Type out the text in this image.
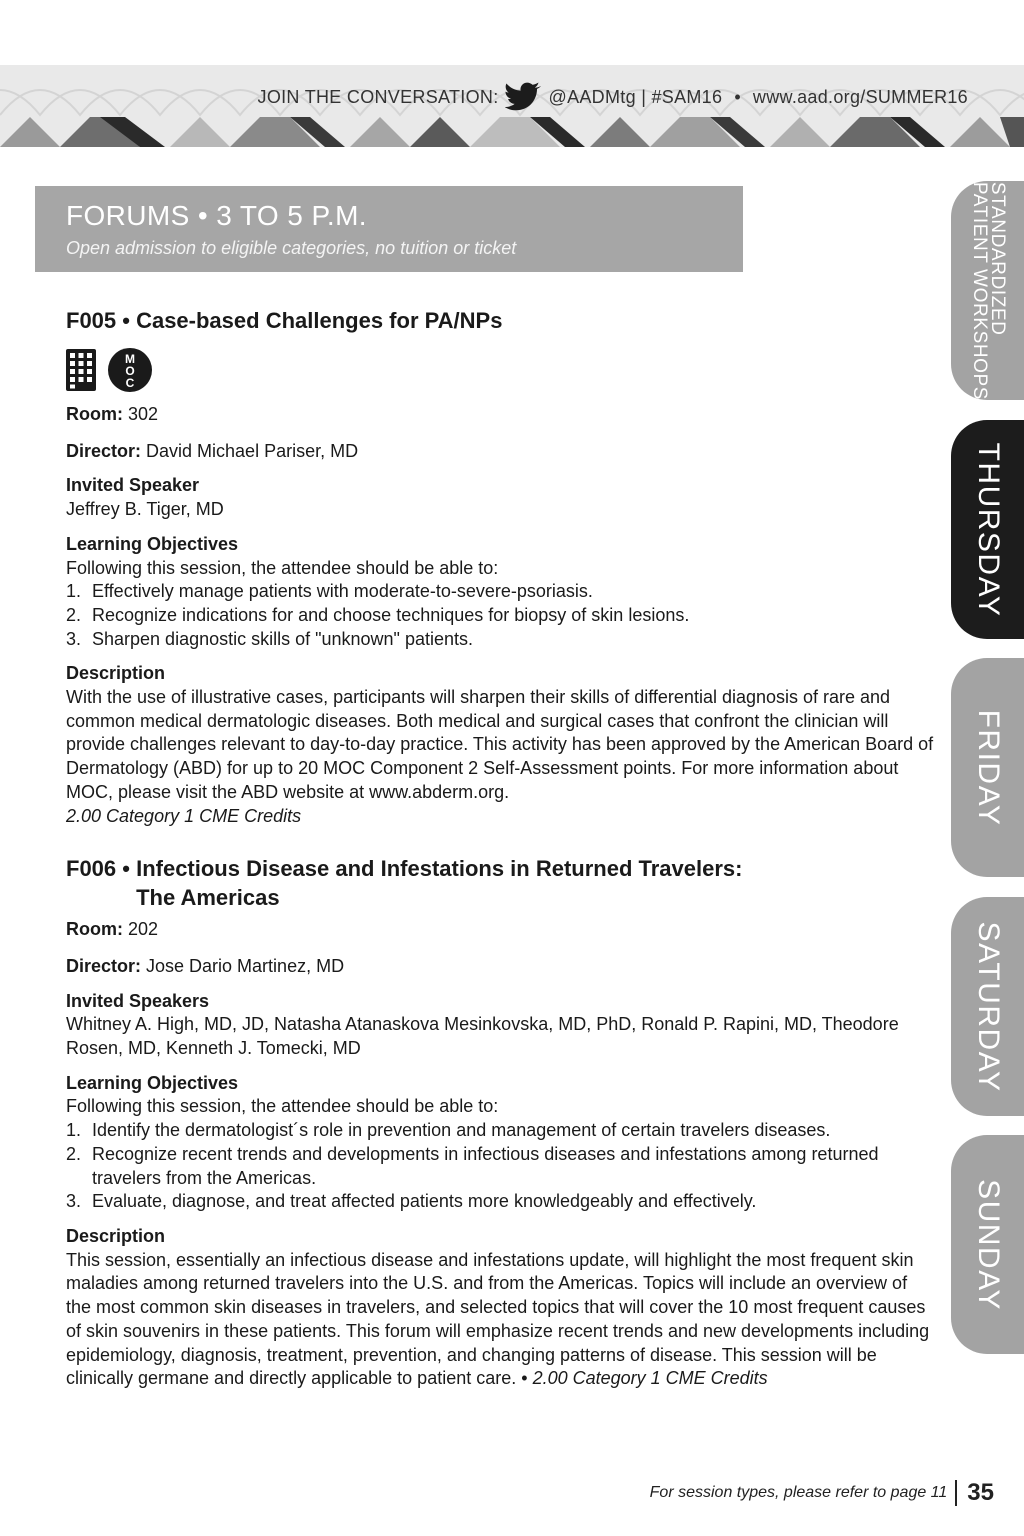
JOIN THE CONVERSATION:	@AADMtg | #SAM16 • www.aad.org/SUMMER16
FORUMS • 3 TO 5 P.M.
Open admission to eligible categories, no tuition or ticket
F005 • Case-based Challenges for PA/NPs
M
O
C
Room: 302
Director: David Michael Pariser, MD
Invited Speaker
Jeffrey B. Tiger, MD
Learning Objectives
Following this session, the attendee should be able to:
1. Effectively manage patients with moderate-to-severe-psoriasis.
2. Recognize indications for and choose techniques for biopsy of skin lesions.
3. Sharpen diagnostic skills of "unknown" patients.
Description
With the use of illustrative cases, participants will sharpen their skills of differential diagnosis of rare and common medical dermatologic diseases. Both medical and surgical cases that confront the clinician will provide challenges relevant to day-to-day practice. This activity has been approved by the American Board of Dermatology (ABD) for up to 20 MOC Component 2 Self-Assessment points. For more information about MOC, please visit the ABD website at www.abderm.org.
2.00 Category 1 CME Credits
F006 • Infectious Disease and Infestations in Returned Travelers:
The Americas
Room: 202
Director: Jose Dario Martinez, MD
Invited Speakers
Whitney A. High, MD, JD, Natasha Atanaskova Mesinkovska, MD, PhD, Ronald P. Rapini, MD, Theodore Rosen, MD, Kenneth J. Tomecki, MD
Learning Objectives
Following this session, the attendee should be able to:
1. Identify the dermatologist´s role in prevention and management of certain travelers diseases.
2. Recognize recent trends and developments in infectious diseases and infestations among returned travelers from the Americas.
3. Evaluate, diagnose, and treat affected patients more knowledgeably and effectively.
Description
This session, essentially an infectious disease and infestations update, will highlight the most frequent skin maladies among returned travelers into the U.S. and from the Americas. Topics will include an overview of the most common skin diseases in travelers, and selected topics that will cover the 10 most frequent causes of skin souvenirs in these patients. This forum will emphasize recent trends and new developments including epidemiology, diagnosis, treatment, prevention, and changing patterns of disease. This session will be clinically germane and directly applicable to patient care. • 2.00 Category 1 CME Credits
STANDARDIZED
PATIENT WORKSHOPS
THURSDAY
FRIDAY
SATURDAY
SUNDAY
For session types, please refer to page 11 35
